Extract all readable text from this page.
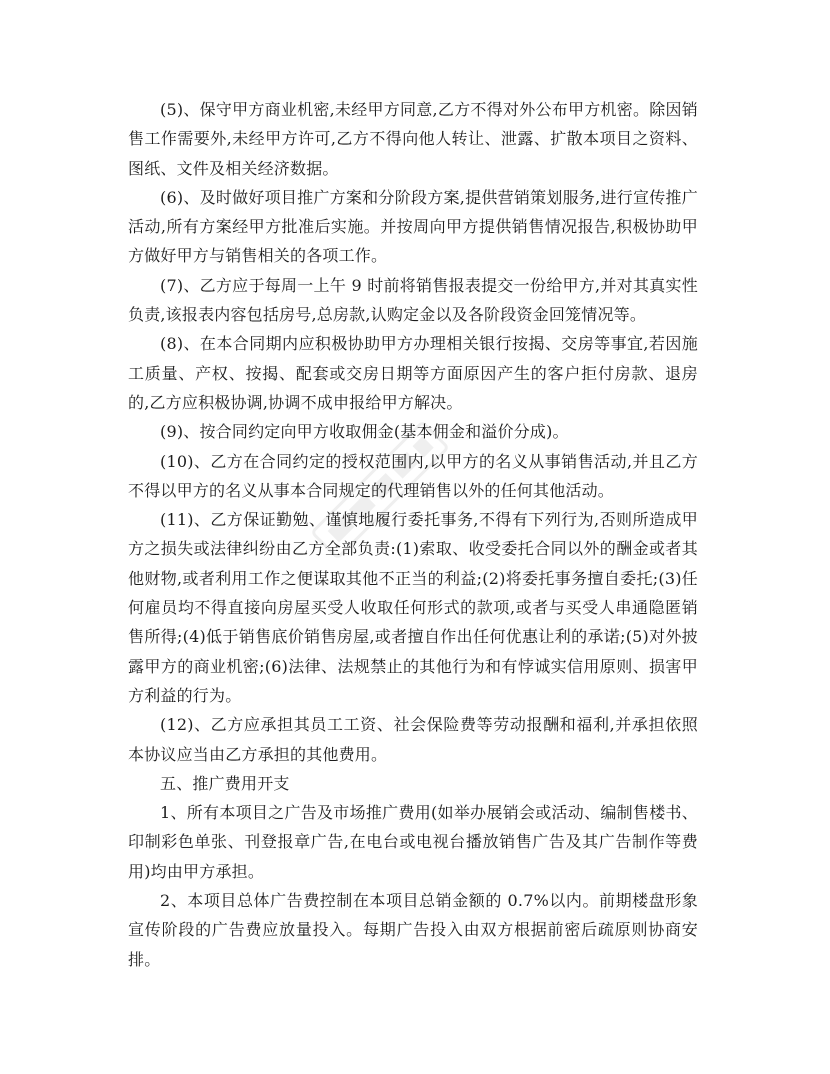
(5)、保守甲方商业机密,未经甲方同意,乙方不得对外公布甲方机密。除因销售工作需要外,未经甲方许可,乙方不得向他人转让、泄露、扩散本项目之资料、图纸、文件及相关经济数据。

(6)、及时做好项目推广方案和分阶段方案,提供营销策划服务,进行宣传推广活动,所有方案经甲方批准后实施。并按周向甲方提供销售情况报告,积极协助甲方做好甲方与销售相关的各项工作。

(7)、乙方应于每周一上午 9 时前将销售报表提交一份给甲方,并对其真实性负责,该报表内容包括房号,总房款,认购定金以及各阶段资金回笼情况等。

(8)、在本合同期内应积极协助甲方办理相关银行按揭、交房等事宜,若因施工质量、产权、按揭、配套或交房日期等方面原因产生的客户拒付房款、退房的,乙方应积极协调,协调不成申报给甲方解决。

(9)、按合同约定向甲方收取佣金(基本佣金和溢价分成)。

(10)、乙方在合同约定的授权范围内,以甲方的名义从事销售活动,并且乙方不得以甲方的名义从事本合同规定的代理销售以外的任何其他活动。

(11)、乙方保证勤勉、谨慎地履行委托事务,不得有下列行为,否则所造成甲方之损失或法律纠纷由乙方全部负责:(1)索取、收受委托合同以外的酬金或者其他财物,或者利用工作之便谋取其他不正当的利益;(2)将委托事务擅自委托;(3)任何雇员均不得直接向房屋买受人收取任何形式的款项,或者与买受人串通隐匿销售所得;(4)低于销售底价销售房屋,或者擅自作出任何优惠让利的承诺;(5)对外披露甲方的商业机密;(6)法律、法规禁止的其他行为和有悖诚实信用原则、损害甲方利益的行为。

(12)、乙方应承担其员工工资、社会保险费等劳动报酬和福利,并承担依照本协议应当由乙方承担的其他费用。

五、推广费用开支

1、所有本项目之广告及市场推广费用(如举办展销会或活动、编制售楼书、印制彩色单张、刊登报章广告,在电台或电视台播放销售广告及其广告制作等费用)均由甲方承担。

2、本项目总体广告费控制在本项目总销金额的 0.7%以内。前期楼盘形象宣传阶段的广告费应放量投入。每期广告投入由双方根据前密后疏原则协商安排。
